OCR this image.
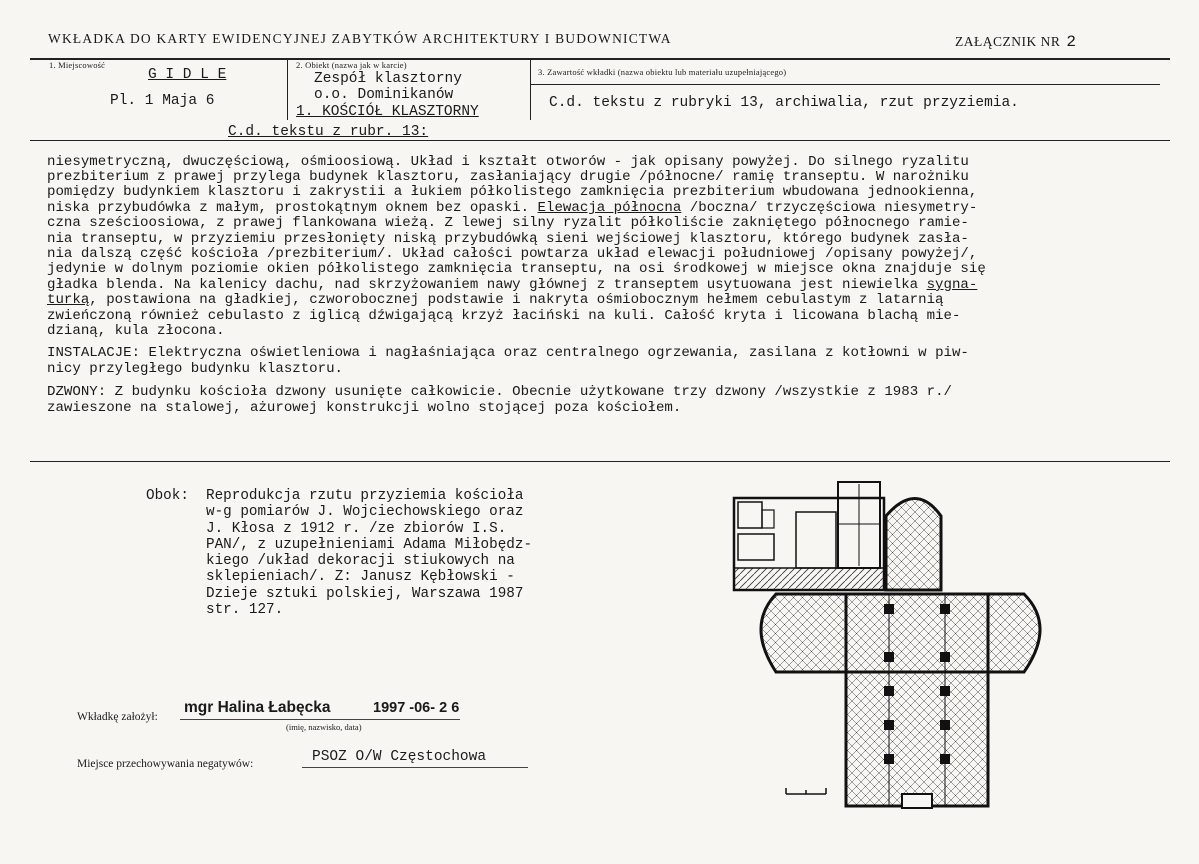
WKŁADKA DO KARTY EWIDENCYJNEJ ZABYTKÓW ARCHITEKTURY I BUDOWNICTWA	ZAŁĄCZNIK NR 2
1. Miejscowość
G I D L E
Pl. 1 Maja 6
2. Obiekt (nazwa jak w karcie)
Zespół klasztorny
o.o. Dominikanów
1. KOŚCIÓŁ KLASZTORNY
3. Zawartość wkładki (nazwa obiektu lub materiału uzupełniającego)
C.d. tekstu z rubryki 13, archiwalia, rzut przyziemia.
C.d. tekstu z rubr. 13:
niesymetryczną, dwuczęściową, ośmioosiową. Układ i kształt otworów - jak opisany powyżej. Do silnego ryzalitu
prezbiterium z prawej przylega budynek klasztoru, zasłaniający drugie /północne/ ramię transeptu. W narożniku
pomiędzy budynkiem klasztoru i zakrystii a łukiem półkolistego zamknięcia prezbiterium wbudowana jednookienna,
niska przybudówka z małym, prostokątnym oknem bez opaski. Elewacja północna /boczna/ trzyczęściowa niesymetry-
czna sześcioosiowa, z prawej flankowana wieżą. Z lewej silny ryzalit półkoliście zakniętego północnego ramie-
nia transeptu, w przyziemiu przesłonięty niską przybudówką sieni wejściowej klasztoru, którego budynek zasła-
nia dalszą część kościoła /prezbiterium/. Układ całości powtarza układ elewacji południowej /opisany powyżej/,
jedynie w dolnym poziomie okien półkolistego zamknięcia transeptu, na osi środkowej w miejsce okna znajduje się
gładka blenda. Na kalenicy dachu, nad skrzyżowaniem nawy głównej z transeptem usytuowana jest niewielka sygna-
turką, postawiona na gładkiej, czworobocznej podstawie i nakryta ośmiobocznym hełmem cebulastym z latarnią
zwieńczoną również cebulasto z iglicą dźwigającą krzyż łaciński na kuli. Całość kryta i licowana blachą mie-
dzianą, kula złocona.
INSTALACJE: Elektryczna oświetleniowa i nagłaśniająca oraz centralnego ogrzewania, zasilana z kotłowni w piw-
nicy przyległego budynku klasztoru.
DZWONY: Z budynku kościoła dzwony usunięte całkowicie. Obecnie użytkowane trzy dzwony /wszystkie z 1983 r./
zawieszone na stalowej, ażurowej konstrukcji wolno stojącej poza kościołem.
Obok: Reprodukcja rzutu przyziemia kościoła
w-g pomiarów J. Wojciechowskiego oraz
J. Kłosa z 1912 r. /ze zbiorów I.S.
PAN/, z uzupełnieniami Adama Miłobędz-
kiego /układ dekoracji stiukowych na
sklepieniach/. Z: Janusz Kębłowski -
Dzieje sztuki polskiej, Warszawa 1987
str. 127.
Wkładkę założył:
mgr Halina Łabęcka	1997 -06- 2 6
(imię, nazwisko, data)
Miejsce przechowywania negatywów:	PSOZ O/W Częstochowa
